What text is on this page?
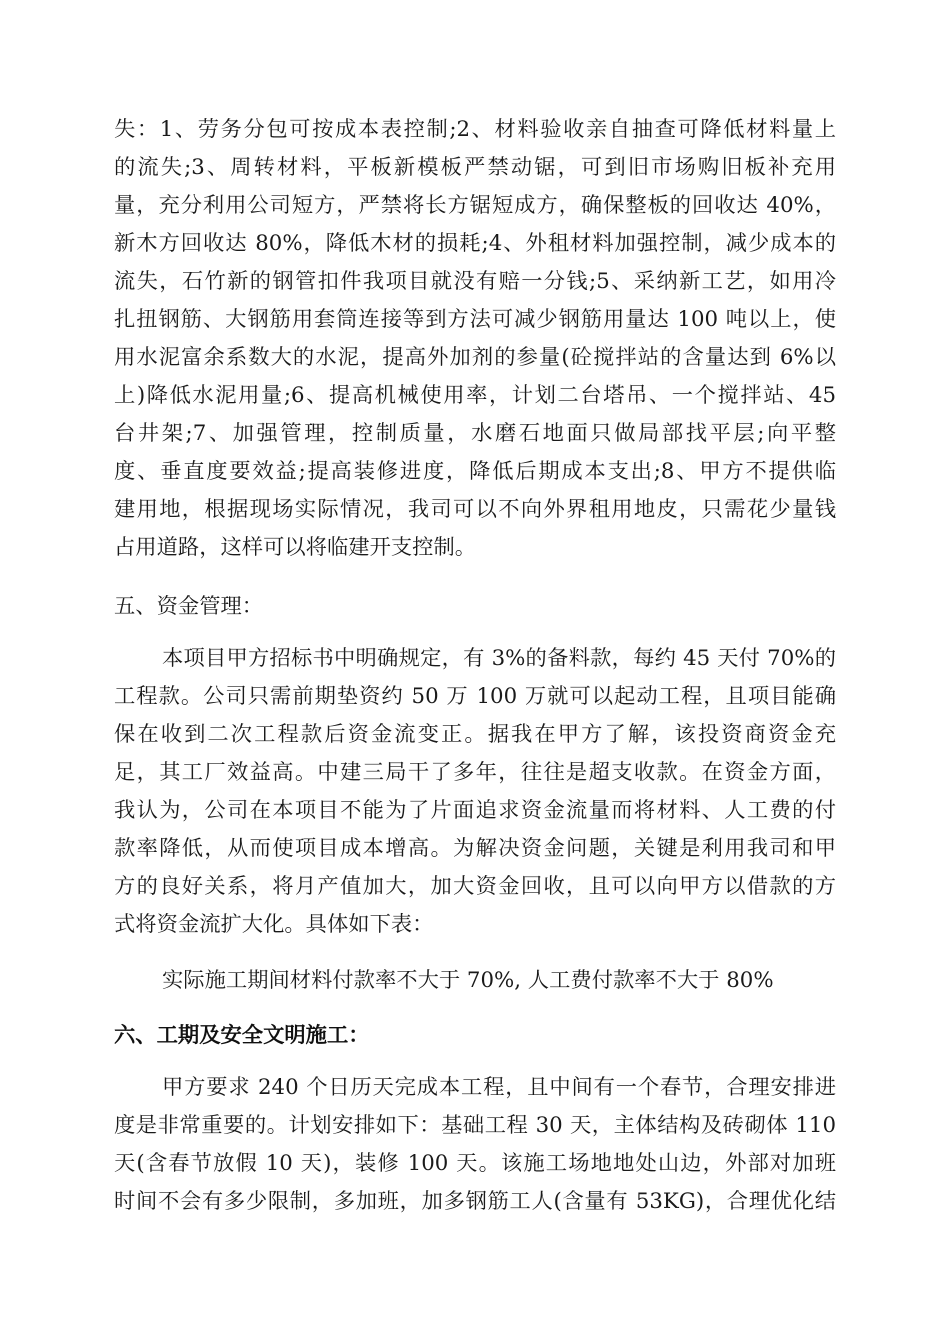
失：1、劳务分包可按成本表控制;2、材料验收亲自抽查可降低材料量上
的流失;3、周转材料，平板新模板严禁动锯，可到旧市场购旧板补充用
量，充分利用公司短方，严禁将长方锯短成方，确保整板的回收达 40%，
新木方回收达 80%，降低木材的损耗;4、外租材料加强控制，减少成本的
流失，石竹新的钢管扣件我项目就没有赔一分钱;5、采纳新工艺，如用冷
扎扭钢筋、大钢筋用套筒连接等到方法可减少钢筋用量达 100 吨以上，使
用水泥富余系数大的水泥，提高外加剂的参量(砼搅拌站的含量达到 6%以
上)降低水泥用量;6、提高机械使用率，计划二台塔吊、一个搅拌站、45
台井架;7、加强管理，控制质量，水磨石地面只做局部找平层;向平整
度、垂直度要效益;提高装修进度，降低后期成本支出;8、甲方不提供临
建用地，根据现场实际情况，我司可以不向外界租用地皮，只需花少量钱
占用道路，这样可以将临建开支控制。
五、资金管理：
本项目甲方招标书中明确规定，有 3%的备料款，每约 45 天付 70%的
工程款。公司只需前期垫资约 50 万 100 万就可以起动工程，且项目能确
保在收到二次工程款后资金流变正。据我在甲方了解，该投资商资金充
足，其工厂效益高。中建三局干了多年，往往是超支收款。在资金方面，
我认为，公司在本项目不能为了片面追求资金流量而将材料、人工费的付
款率降低，从而使项目成本增高。为解决资金问题，关键是利用我司和甲
方的良好关系，将月产值加大，加大资金回收，且可以向甲方以借款的方
式将资金流扩大化。具体如下表：
实际施工期间材料付款率不大于 70%, 人工费付款率不大于 80%
六、工期及安全文明施工：
甲方要求 240 个日历天完成本工程，且中间有一个春节，合理安排进
度是非常重要的。计划安排如下：基础工程 30 天，主体结构及砖砌体 110
天(含春节放假 10 天)，装修 100 天。该施工场地地处山边，外部对加班
时间不会有多少限制，多加班，加多钢筋工人(含量有 53KG)，合理优化结
